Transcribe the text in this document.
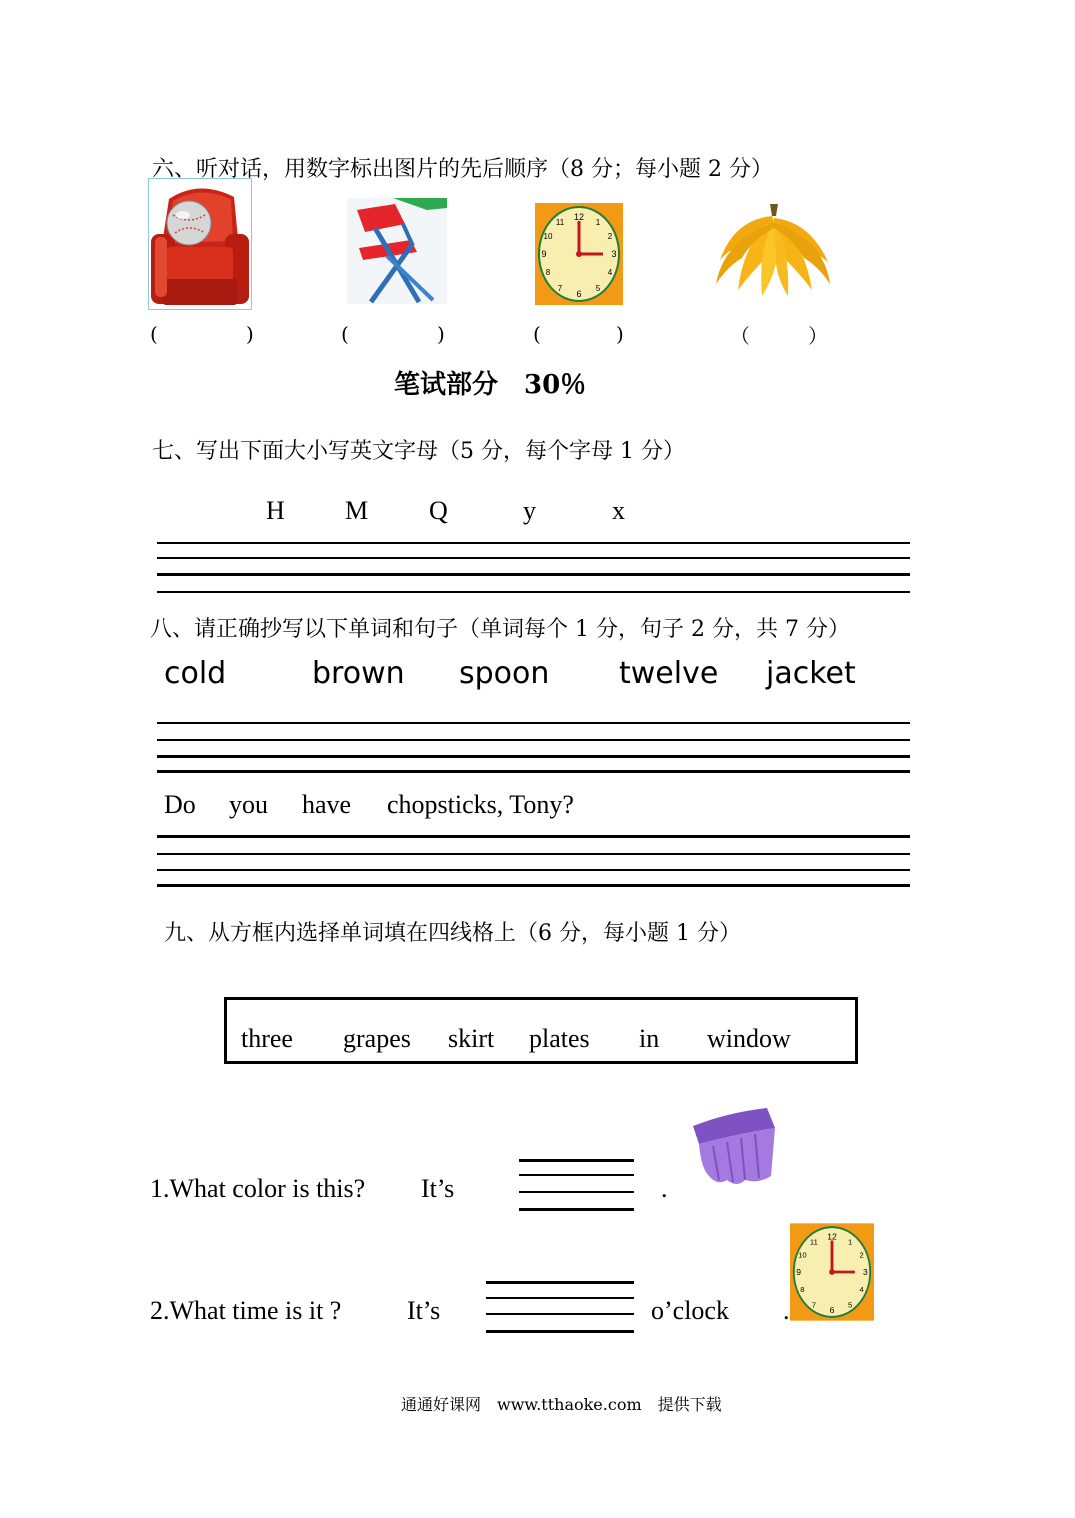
六、听对话，用数字标出图片的先后顺序（8 分；每小题 2 分）
12
3
6
9
1
2
4
5
7
8
10
11
(	)	(	)	(	)	（	）
笔试部分　30％
七、写出下面大小写英文字母（5 分，每个字母 1 分）
H M Q	y	x
八、请正确抄写以下单词和句子（单词每个 1 分，句子 2 分，共 7 分）
cold	brown spoon twelve jacket
Do you have chopsticks, Tony?
九、从方框内选择单词填在四线格上（6 分，每小题 1 分）
three grapes skirt plates in window
1.What color is this? It’s	.
2.What time is it ?	It’s	o’clock .
12
3
6
9
1
2
4
5
7
8
10
11
通通好课网　www.tthaoke.com　提供下载
